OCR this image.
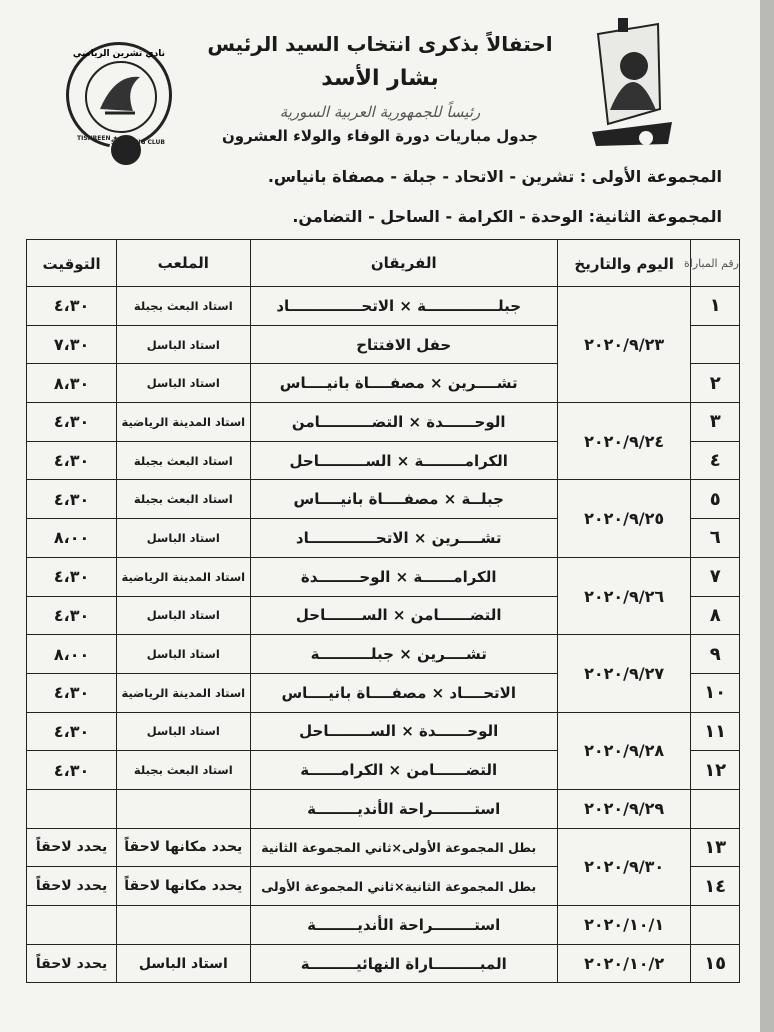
نادي تشرين الرياضي
TISHREEN ★★★
SPORTING CLUB
احتفالاً بذكرى انتخاب السيد الرئيس
بشار الأسد
رئيساً للجمهورية العربية السورية
جدول مباريات دورة الوفاء والولاء العشرون
المجموعة الأولى : تشرين - الاتحاد - جبلة - مصفاة بانياس.
المجموعة الثانية: الوحدة - الكرامة - الساحل - التضامن.
رقم المباراة	اليوم والتاريخ	الفريقان	الملعب	التوقيت
١	٢٠٢٠/٩/٢٣	جبلــــــــــــــة × الاتحــــــــــــــاد	استاد البعث بجبلة	٤،٣٠
		حفل الافتتاح	استاد الباسل	٧،٣٠
٢		تشــــرين × مصفــــاة بانيــــاس	استاد الباسل	٨،٣٠
٣	٢٠٢٠/٩/٢٤	الوحــــــدة × التضــــــــــامن	استاد المدينة الرياضية	٤،٣٠
٤		الكرامــــــــة × الســـــــــاحل	استاد البعث بجبلة	٤،٣٠
٥	٢٠٢٠/٩/٢٥	جبلــة × مصفــــاة بانيــــاس	استاد البعث بجبلة	٤،٣٠
٦		تشــــرين × الاتحـــــــــــــاد	استاد الباسل	٨،٠٠
٧	٢٠٢٠/٩/٢٦	الكرامــــــة × الوحــــــــدة	استاد المدينة الرياضية	٤،٣٠
٨		التضــــــامن × الســـــــاحل	استاد الباسل	٤،٣٠
٩	٢٠٢٠/٩/٢٧	تشــــرين × جبلــــــــــة	استاد الباسل	٨،٠٠
١٠		الاتحــــاد × مصفــــاة بانيــــاس	استاد المدينة الرياضية	٤،٣٠
١١	٢٠٢٠/٩/٢٨	الوحــــــدة × الســــــــاحل	استاد الباسل	٤،٣٠
١٢		التضــــــامن × الكرامــــــة	استاد البعث بجبلة	٤،٣٠
	٢٠٢٠/٩/٢٩	استــــــــراحة الأنديــــــــة		
١٣	٢٠٢٠/٩/٣٠	بطل المجموعة الأولى×ثاني المجموعة الثانية	يحدد مكانها لاحقاً	يحدد لاحقاً
١٤		بطل المجموعة الثانية×ثاني المجموعة الأولى	يحدد مكانها لاحقاً	يحدد لاحقاً
	٢٠٢٠/١٠/١	استــــــــراحة الأنديــــــــة		
١٥	٢٠٢٠/١٠/٢	المبـــــــــاراة النهائيـــــــــة	استاد الباسل	يحدد لاحقاً
